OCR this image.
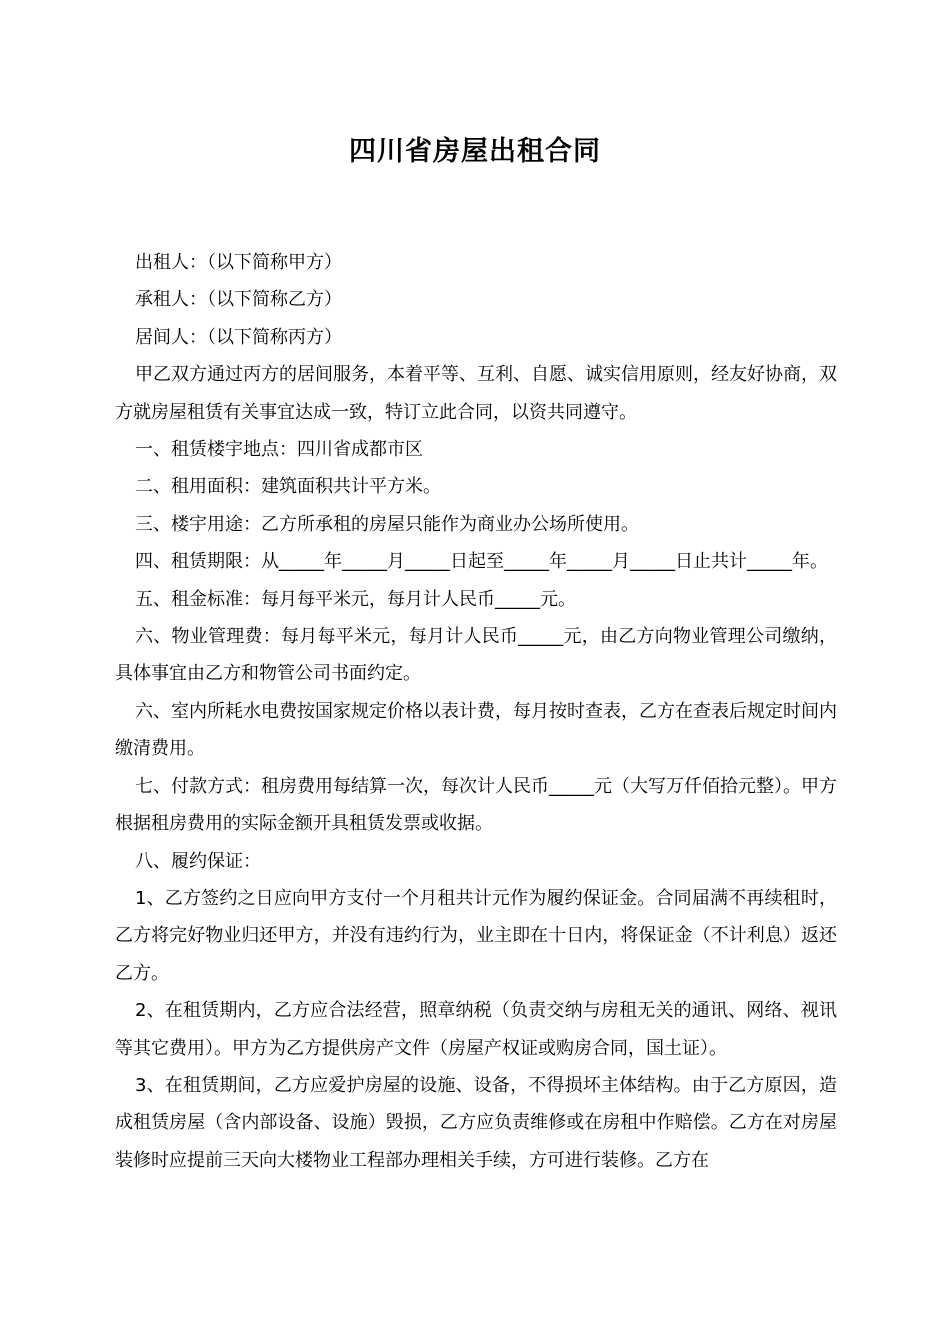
四川省房屋出租合同

出租人：（以下简称甲方）

承租人：（以下简称乙方）

居间人：（以下简称丙方）

甲乙双方通过丙方的居间服务，本着平等、互利、自愿、诚实信用原则，经友好协商，双方就房屋租赁有关事宜达成一致，特订立此合同，以资共同遵守。

一、租赁楼宇地点：四川省成都市区

二、租用面积：建筑面积共计平方米。

三、楼宇用途：乙方所承租的房屋只能作为商业办公场所使用。

四、租赁期限：从_____年_____月_____日起至_____年_____月_____日止共计_____年。

五、租金标准：每月每平米元，每月计人民币_____元。

六、物业管理费：每月每平米元，每月计人民币_____元，由乙方向物业管理公司缴纳，具体事宜由乙方和物管公司书面约定。

六、室内所耗水电费按国家规定价格以表计费，每月按时查表，乙方在查表后规定时间内缴清费用。

七、付款方式：租房费用每结算一次，每次计人民币_____元（大写万仟佰拾元整）。甲方根据租房费用的实际金额开具租赁发票或收据。

八、履约保证：

1、乙方签约之日应向甲方支付一个月租共计元作为履约保证金。合同届满不再续租时，乙方将完好物业归还甲方，并没有违约行为，业主即在十日内，将保证金（不计利息）返还乙方。

2、在租赁期内，乙方应合法经营，照章纳税（负责交纳与房租无关的通讯、网络、视讯等其它费用）。甲方为乙方提供房产文件（房屋产权证或购房合同，国土证）。

3、在租赁期间，乙方应爱护房屋的设施、设备，不得损坏主体结构。由于乙方原因，造成租赁房屋（含内部设备、设施）毁损，乙方应负责维修或在房租中作赔偿。乙方在对房屋装修时应提前三天向大楼物业工程部办理相关手续，方可进行装修。乙方在
